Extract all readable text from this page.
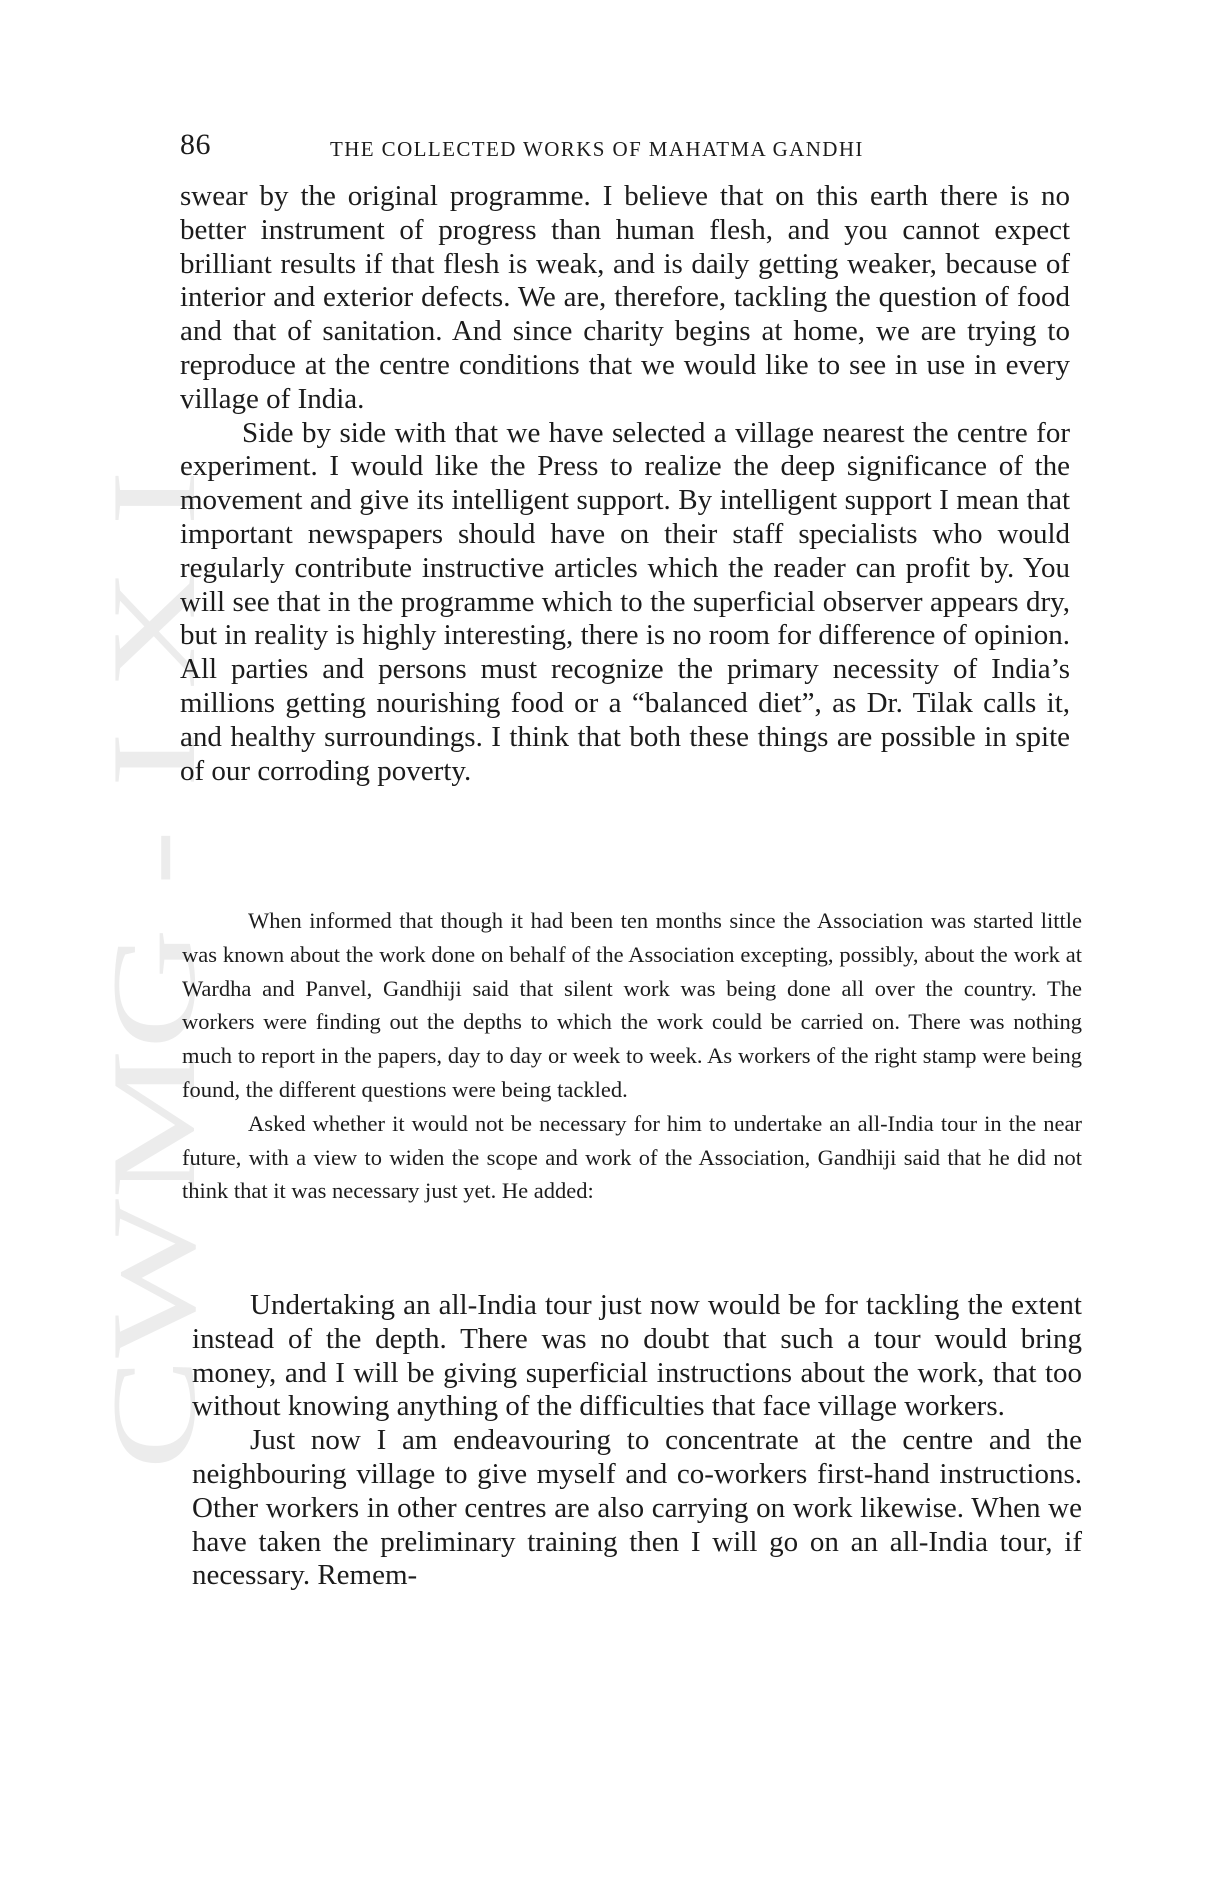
CWMG - I X I
86	THE COLLECTED WORKS OF MAHATMA GANDHI

swear by the original programme. I believe that on this earth there is no better instrument of progress than human flesh, and you cannot expect brilliant results if that flesh is weak, and is daily getting weaker, because of interior and exterior defects. We are, therefore, tackling the question of food and that of sanitation. And since charity begins at home, we are trying to reproduce at the centre conditions that we would like to see in use in every village of India.

Side by side with that we have selected a village nearest the centre for experiment. I would like the Press to realize the deep significance of the movement and give its intelligent support. By intelligent support I mean that important newspapers should have on their staff specialists who would regularly contribute instructive articles which the reader can profit by. You will see that in the programme which to the superficial observer appears dry, but in reality is highly interesting, there is no room for difference of opinion. All parties and persons must recognize the primary necessity of India’s millions getting nourishing food or a “balanced diet”, as Dr. Tilak calls it, and healthy surroundings. I think that both these things are possible in spite of our corroding poverty.

When informed that though it had been ten months since the Association was started little was known about the work done on behalf of the Association excepting, possibly, about the work at Wardha and Panvel, Gandhiji said that silent work was being done all over the country. The workers were finding out the depths to which the work could be carried on. There was nothing much to report in the papers, day to day or week to week. As workers of the right stamp were being found, the different questions were being tackled.

Asked whether it would not be necessary for him to undertake an all-India tour in the near future, with a view to widen the scope and work of the Association, Gandhiji said that he did not think that it was necessary just yet. He added:

Undertaking an all-India tour just now would be for tackling the extent instead of the depth. There was no doubt that such a tour would bring money, and I will be giving superficial instructions about the work, that too without knowing anything of the difficulties that face village workers.

Just now I am endeavouring to concentrate at the centre and the neighbouring village to give myself and co-workers first-hand instructions. Other workers in other centres are also carrying on work likewise. When we have taken the preliminary training then I will go on an all-India tour, if necessary. Remem-
